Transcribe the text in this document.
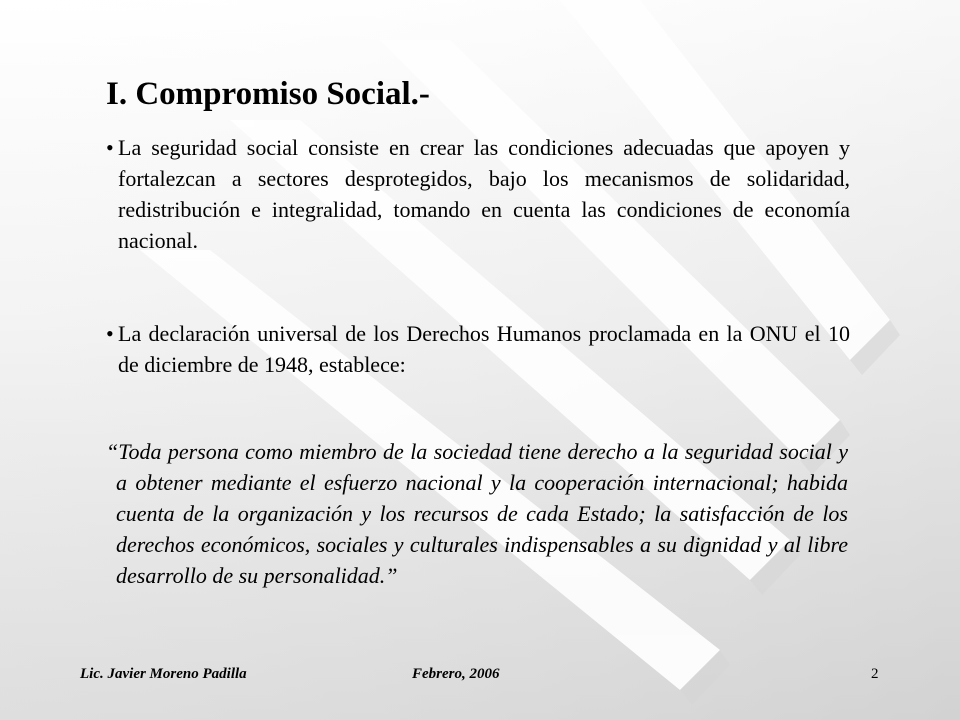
I. Compromiso Social.-

• La seguridad social consiste en crear las condiciones adecuadas que apoyen y fortalezcan a sectores desprotegidos, bajo los mecanismos de solidaridad, redistribución e integralidad, tomando en cuenta las condiciones de economía nacional.

• La declaración universal de los Derechos Humanos proclamada en la ONU el 10 de diciembre de 1948, establece:

“Toda persona como miembro de la sociedad tiene derecho a la seguridad social y a obtener mediante el esfuerzo nacional y la cooperación internacional; habida cuenta de la organización y los recursos de cada Estado; la satisfacción de los derechos económicos, sociales y culturales indispensables a su dignidad y al libre desarrollo de su personalidad.”

Lic. Javier Moreno Padilla	Febrero, 2006	2
